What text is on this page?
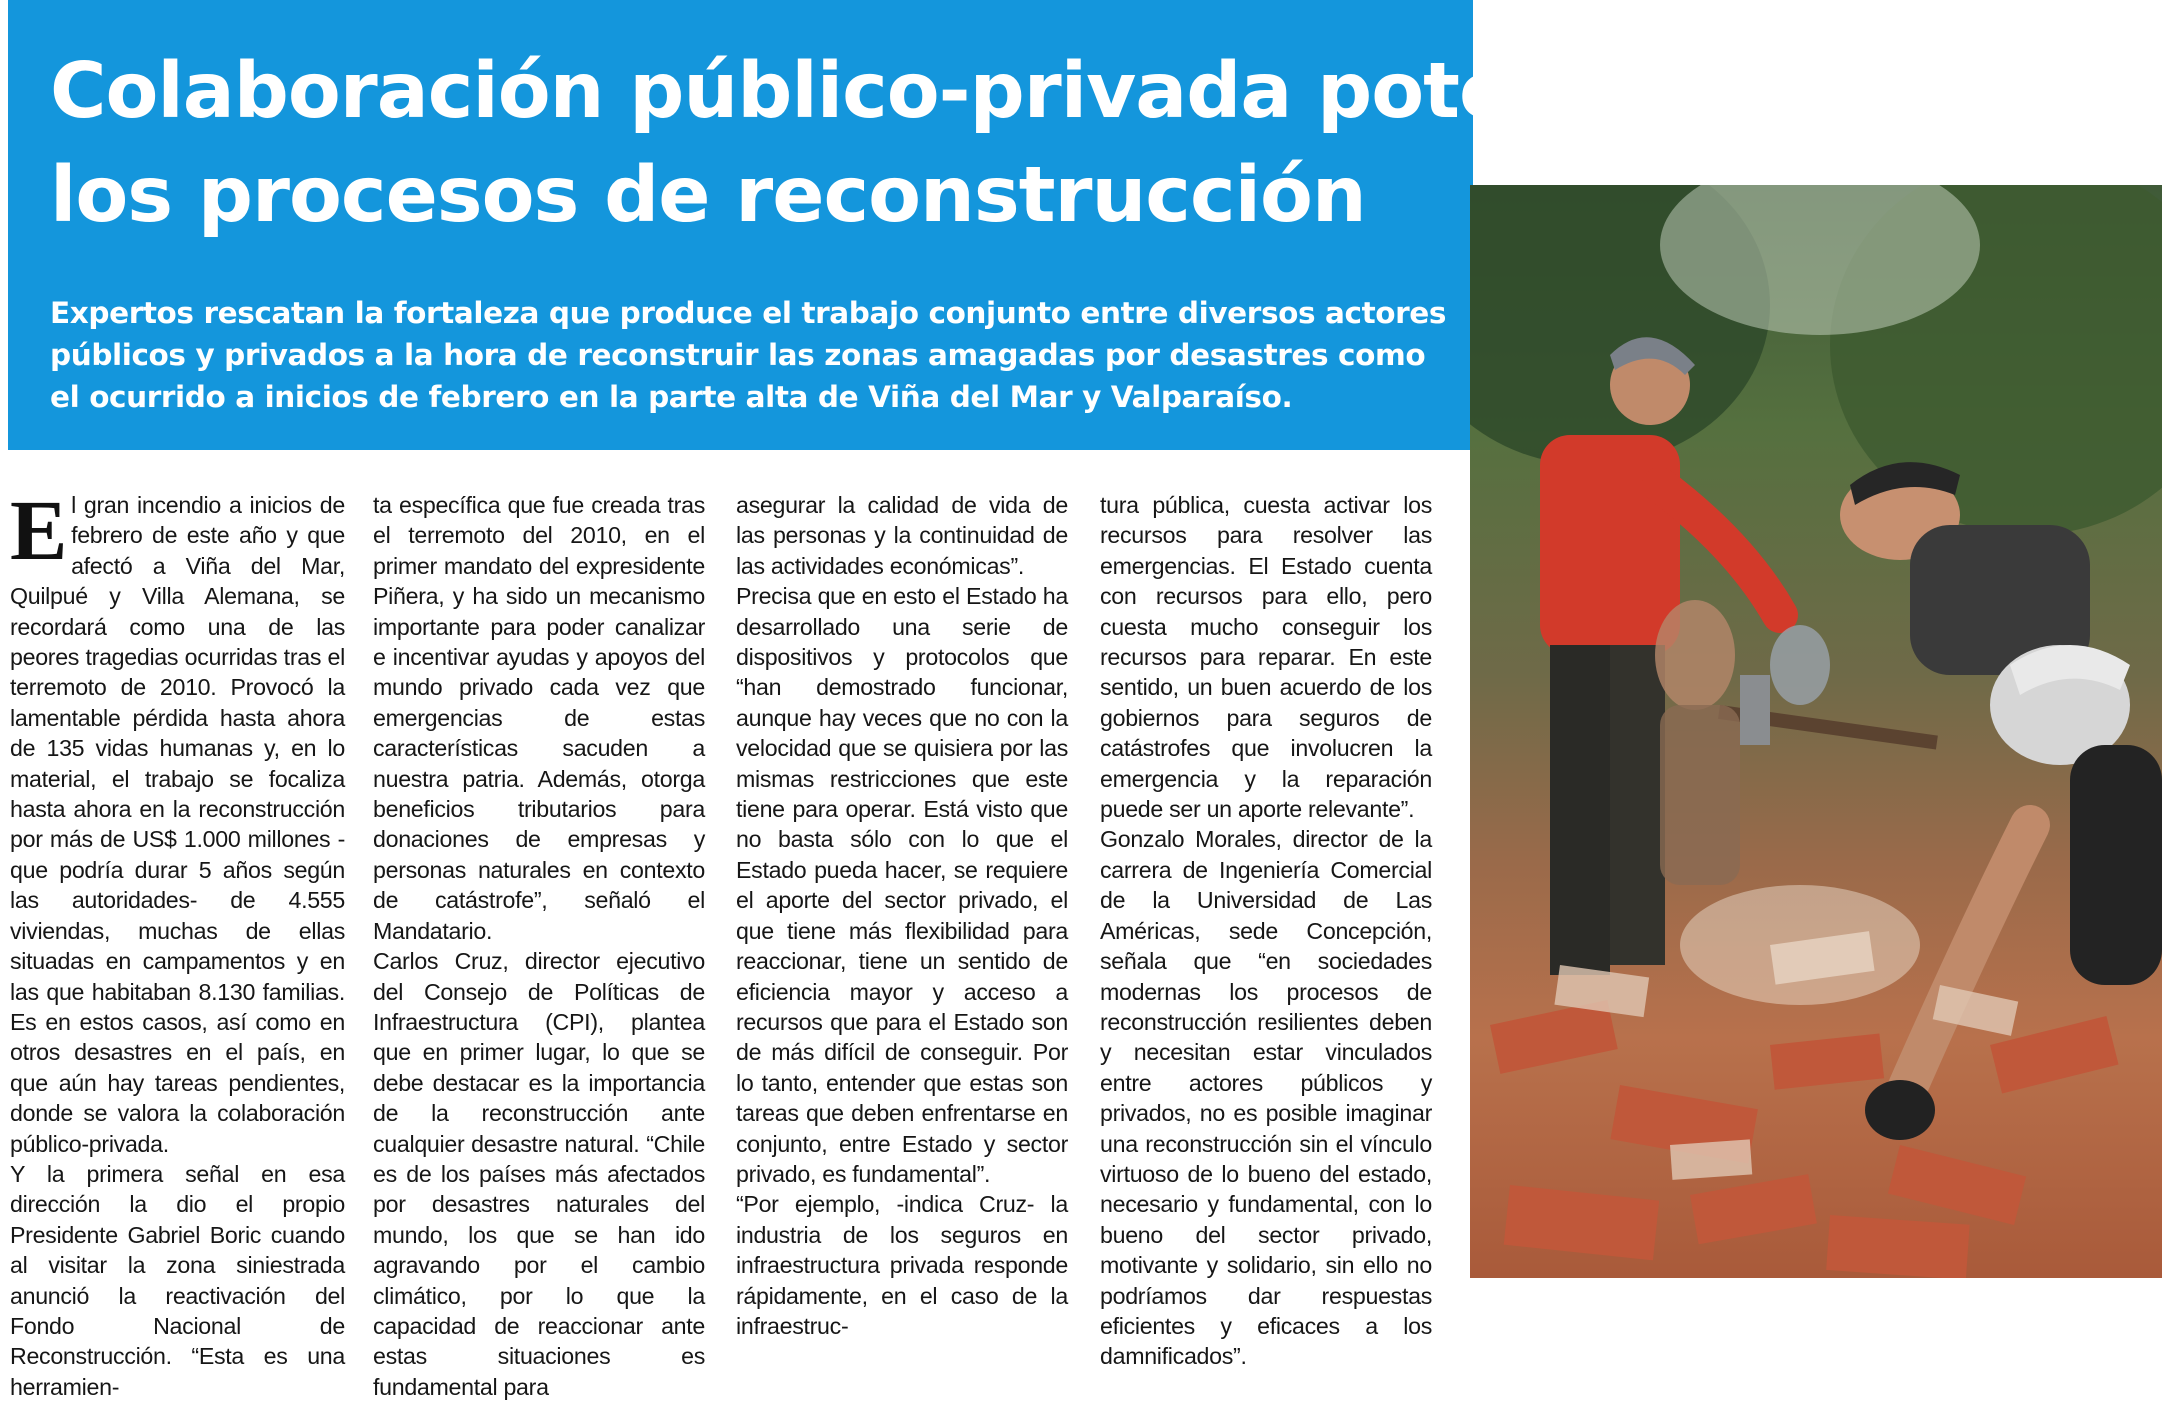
Colaboración público-privada potencia los procesos de reconstrucción

Expertos rescatan la fortaleza que produce el trabajo conjunto entre diversos actores públicos y privados a la hora de reconstruir las zonas amagadas por desastres como el ocurrido a inicios de febrero en la parte alta de Viña del Mar y Valparaíso.

El gran incendio a inicios de febrero de este año y que afectó a Viña del Mar, Quilpué y Villa Alemana, se recordará como una de las peores tragedias ocurridas tras el terremoto de 2010. Provocó la lamentable pérdida hasta ahora de 135 vidas humanas y, en lo material, el trabajo se focaliza hasta ahora en la reconstrucción por más de US$ 1.000 millones -que podría durar 5 años según las autoridades- de 4.555 viviendas, muchas de ellas situadas en campamentos y en las que habitaban 8.130 familias. Es en estos casos, así como en otros desastres en el país, en que aún hay tareas pendientes, donde se valora la colaboración público-privada.

Y la primera señal en esa dirección la dio el propio Presidente Gabriel Boric cuando al visitar la zona siniestrada anunció la reactivación del Fondo Nacional de Reconstrucción. “Esta es una herramien-

ta específica que fue creada tras el terremoto del 2010, en el primer mandato del expresidente Piñera, y ha sido un mecanismo importante para poder canalizar e incentivar ayudas y apoyos del mundo privado cada vez que emergencias de estas características sacuden a nuestra patria. Además, otorga beneficios tributarios para donaciones de empresas y personas naturales en contexto de catástrofe”, señaló el Mandatario.

Carlos Cruz, director ejecutivo del Consejo de Políticas de Infraestructura (CPI), plantea que en primer lugar, lo que se debe destacar es la importancia de la reconstrucción ante cualquier desastre natural. “Chile es de los países más afectados por desastres naturales del mundo, los que se han ido agravando por el cambio climático, por lo que la capacidad de reaccionar ante estas situaciones es fundamental para

asegurar la calidad de vida de las personas y la continuidad de las actividades económicas”.

Precisa que en esto el Estado ha desarrollado una serie de dispositivos y protocolos que “han demostrado funcionar, aunque hay veces que no con la velocidad que se quisiera por las mismas restricciones que este tiene para operar. Está visto que no basta sólo con lo que el Estado pueda hacer, se requiere el aporte del sector privado, el que tiene más flexibilidad para reaccionar, tiene un sentido de eficiencia mayor y acceso a recursos que para el Estado son de más difícil de conseguir. Por lo tanto, entender que estas son tareas que deben enfrentarse en conjunto, entre Estado y sector privado, es fundamental”.

“Por ejemplo, -indica Cruz- la industria de los seguros en infraestructura privada responde rápidamente, en el caso de la infraestruc-

tura pública, cuesta activar los recursos para resolver las emergencias. El Estado cuenta con recursos para ello, pero cuesta mucho conseguir los recursos para reparar. En este sentido, un buen acuerdo de los gobiernos para seguros de catástrofes que involucren la emergencia y la reparación puede ser un aporte relevante”.

Gonzalo Morales, director de la carrera de Ingeniería Comercial de la Universidad de Las Américas, sede Concepción, señala que “en sociedades modernas los procesos de reconstrucción resilientes deben y necesitan estar vinculados entre actores públicos y privados, no es posible imaginar una reconstrucción sin el vínculo virtuoso de lo bueno del estado, necesario y fundamental, con lo bueno del sector privado, motivante y solidario, sin ello no podríamos dar respuestas eficientes y eficaces a los damnificados”.
